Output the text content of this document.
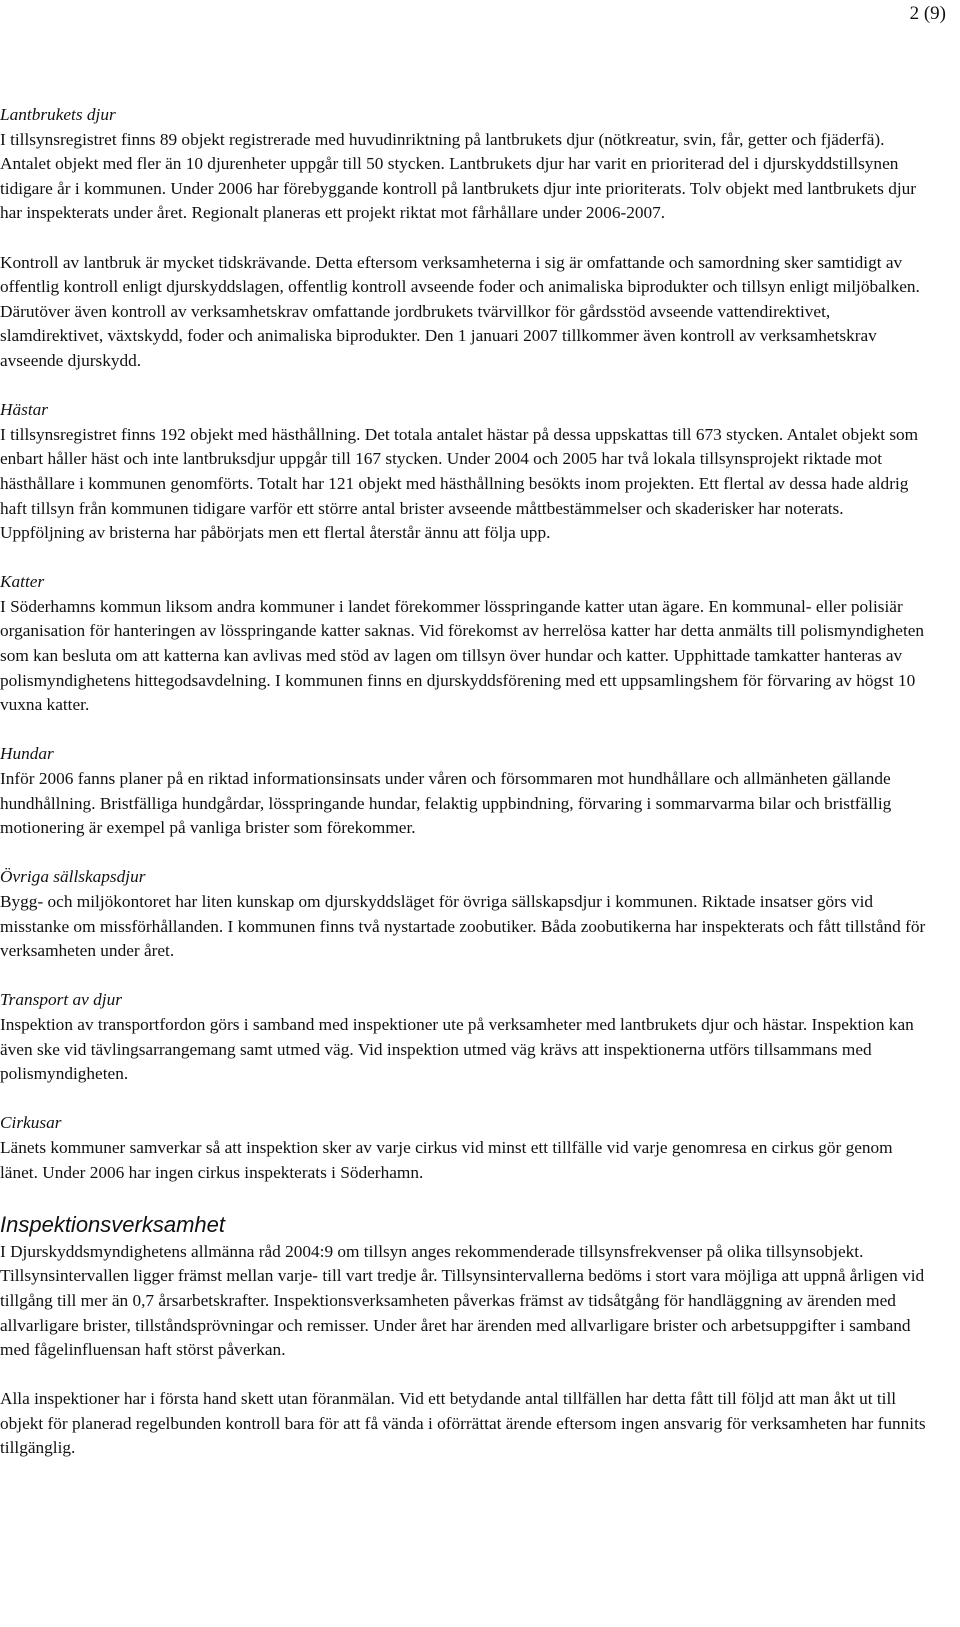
2 (9)

Lantbrukets djur

I tillsynsregistret finns 89 objekt registrerade med huvudinriktning på lantbrukets djur (nötkreatur, svin, får, getter och fjäderfä). Antalet objekt med fler än 10 djurenheter uppgår till 50 stycken. Lantbrukets djur har varit en prioriterad del i djurskyddstillsynen tidigare år i kommunen. Under 2006 har förebyggande kontroll på lantbrukets djur inte prioriterats. Tolv objekt med lantbrukets djur har inspekterats under året. Regionalt planeras ett projekt riktat mot fårhållare under 2006-2007.

Kontroll av lantbruk är mycket tidskrävande. Detta eftersom verksamheterna i sig är omfattande och samordning sker samtidigt av offentlig kontroll enligt djurskyddslagen, offentlig kontroll avseende foder och animaliska biprodukter och tillsyn enligt miljöbalken. Därutöver även kontroll av verksamhetskrav omfattande jordbrukets tvärvillkor för gårdsstöd avseende vattendirektivet, slamdirektivet, växtskydd, foder och animaliska biprodukter. Den 1 januari 2007 tillkommer även kontroll av verksamhetskrav avseende djurskydd.

Hästar

I tillsynsregistret finns 192 objekt med hästhållning. Det totala antalet hästar på dessa uppskattas till 673 stycken. Antalet objekt som enbart håller häst och inte lantbruksdjur uppgår till 167 stycken. Under 2004 och 2005 har två lokala tillsynsprojekt riktade mot hästhållare i kommunen genomförts. Totalt har 121 objekt med hästhållning besökts inom projekten. Ett flertal av dessa hade aldrig haft tillsyn från kommunen tidigare varför ett större antal brister avseende måttbestämmelser och skaderisker har noterats. Uppföljning av bristerna har påbörjats men ett flertal återstår ännu att följa upp.

Katter

I Söderhamns kommun liksom andra kommuner i landet förekommer lösspringande katter utan ägare. En kommunal- eller polisiär organisation för hanteringen av lösspringande katter saknas. Vid förekomst av herrelösa katter har detta anmälts till polismyndigheten som kan besluta om att katterna kan avlivas med stöd av lagen om tillsyn över hundar och katter. Upphittade tamkatter hanteras av polismyndighetens hittegodsavdelning. I kommunen finns en djurskyddsförening med ett uppsamlingshem för förvaring av högst 10 vuxna katter.

Hundar

Inför 2006 fanns planer på en riktad informationsinsats under våren och försommaren mot hundhållare och allmänheten gällande hundhållning. Bristfälliga hundgårdar, lösspringande hundar, felaktig uppbindning, förvaring i sommarvarma bilar och bristfällig motionering är exempel på vanliga brister som förekommer.

Övriga sällskapsdjur

Bygg- och miljökontoret har liten kunskap om djurskyddsläget för övriga sällskapsdjur i kommunen. Riktade insatser görs vid misstanke om missförhållanden. I kommunen finns två nystartade zoobutiker. Båda zoobutikerna har inspekterats och fått tillstånd för verksamheten under året.

Transport av djur

Inspektion av transportfordon görs i samband med inspektioner ute på verksamheter med lantbrukets djur och hästar. Inspektion kan även ske vid tävlingsarrangemang samt utmed väg. Vid inspektion utmed väg krävs att inspektionerna utförs tillsammans med polismyndigheten.

Cirkusar

Länets kommuner samverkar så att inspektion sker av varje cirkus vid minst ett tillfälle vid varje genomresa en cirkus gör genom länet. Under 2006 har ingen cirkus inspekterats i Söderhamn.

Inspektionsverksamhet

I Djurskyddsmyndighetens allmänna råd 2004:9 om tillsyn anges rekommenderade tillsynsfrekvenser på olika tillsynsobjekt. Tillsynsintervallen ligger främst mellan varje- till vart tredje år. Tillsynsintervallerna bedöms i stort vara möjliga att uppnå årligen vid tillgång till mer än 0,7 årsarbetskrafter. Inspektionsverksamheten påverkas främst av tidsåtgång för handläggning av ärenden med allvarligare brister, tillståndsprövningar och remisser. Under året har ärenden med allvarligare brister och arbetsuppgifter i samband med fågelinfluensan haft störst påverkan.

Alla inspektioner har i första hand skett utan föranmälan. Vid ett betydande antal tillfällen har detta fått till följd att man åkt ut till objekt för planerad regelbunden kontroll bara för att få vända i oförrättat ärende eftersom ingen ansvarig för verksamheten har funnits tillgänglig.
